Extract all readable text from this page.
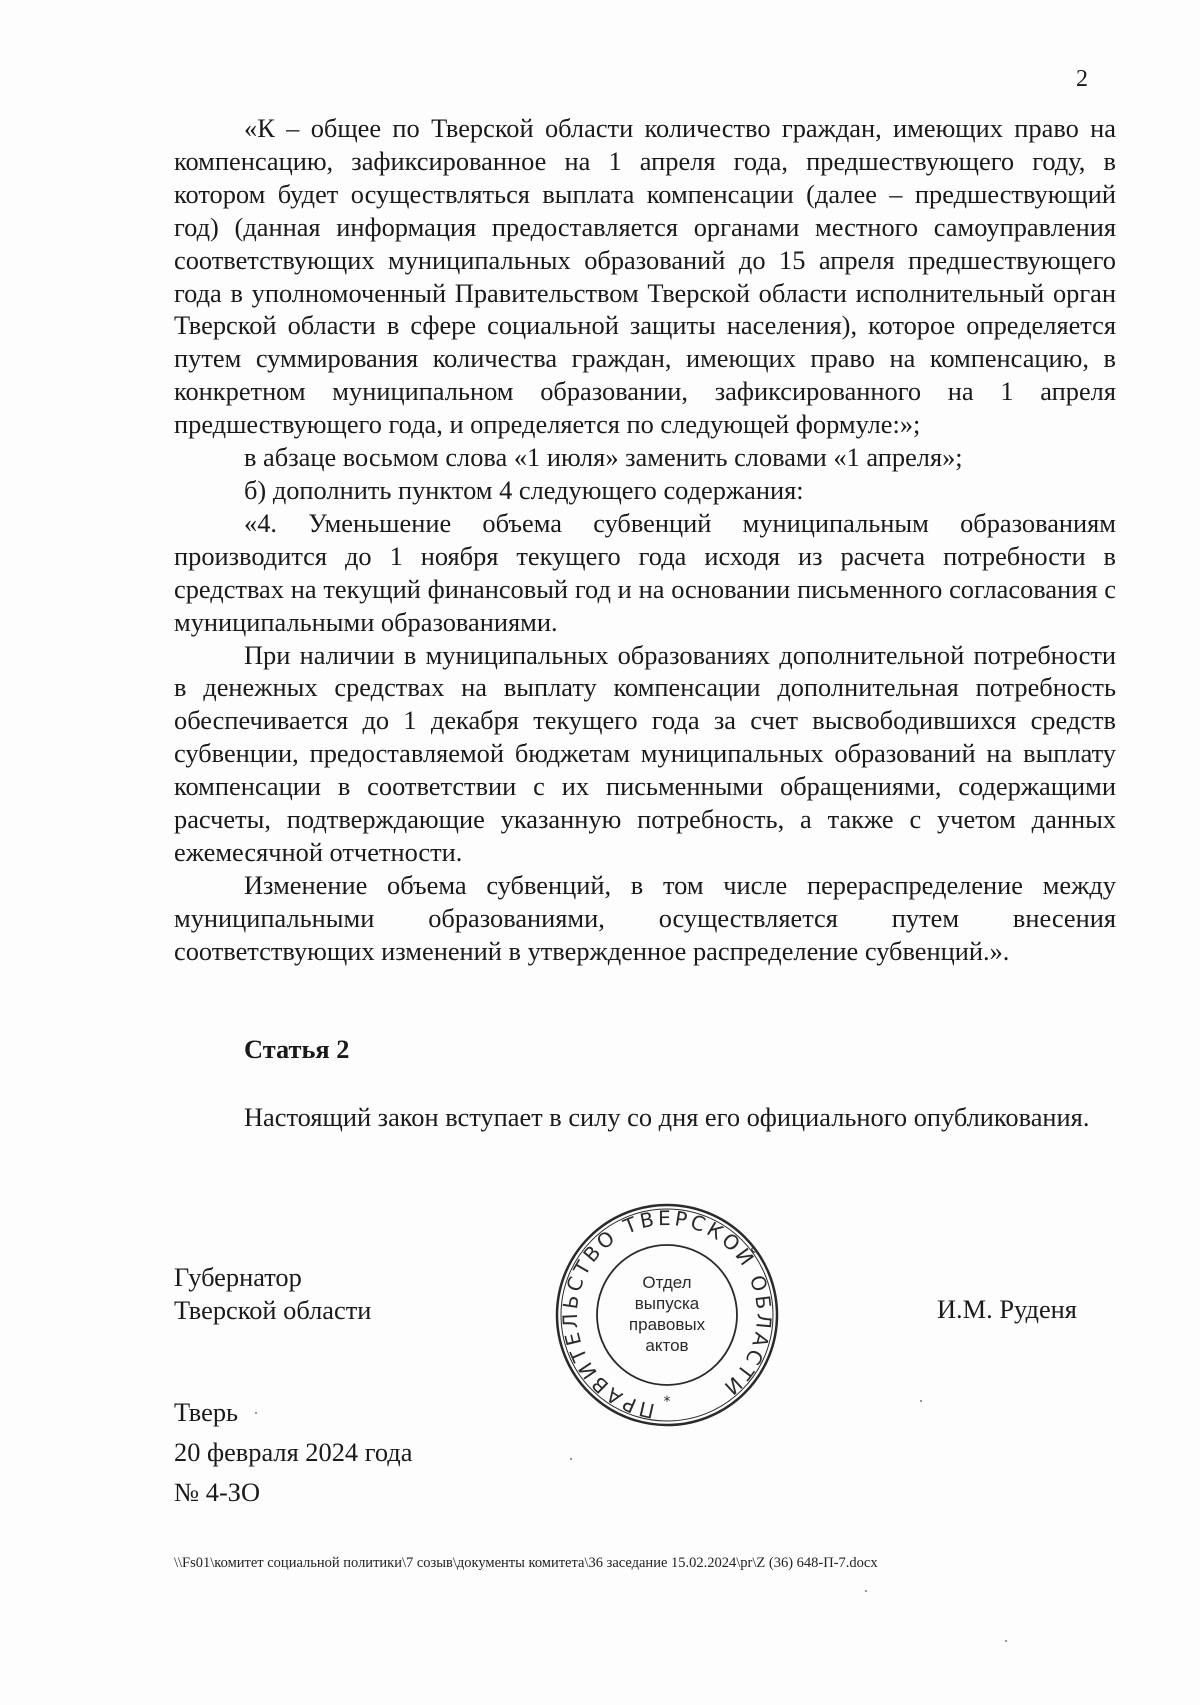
2

«К – общее по Тверской области количество граждан, имеющих право на компенсацию, зафиксированное на 1 апреля года, предшествующего году, в котором будет осуществляться выплата компенсации (далее – предшествующий год) (данная информация предоставляется органами местного самоуправления соответствующих муниципальных образований до 15 апреля предшествующего года в уполномоченный Правительством Тверской области исполнительный орган Тверской области в сфере социальной защиты населения), которое определяется путем суммирования количества граждан, имеющих право на компенсацию, в конкретном муниципальном образовании, зафиксированного на 1 апреля предшествующего года, и определяется по следующей формуле:»;

в абзаце восьмом слова «1 июля» заменить словами «1 апреля»;

б) дополнить пунктом 4 следующего содержания:

«4. Уменьшение объема субвенций муниципальным образованиям производится до 1 ноября текущего года исходя из расчета потребности в средствах на текущий финансовый год и на основании письменного согласования с муниципальными образованиями.

При наличии в муниципальных образованиях дополнительной потребности в денежных средствах на выплату компенсации дополнительная потребность обеспечивается до 1 декабря текущего года за счет высвободившихся средств субвенции, предоставляемой бюджетам муниципальных образований на выплату компенсации в соответствии с их письменными обращениями, содержащими расчеты, подтверждающие указанную потребность, а также с учетом данных ежемесячной отчетности.

Изменение объема субвенций, в том числе перераспределение между муниципальными образованиями, осуществляется путем внесения соответствующих изменений в утвержденное распределение субвенций.».

Статья 2

Настоящий закон вступает в силу со дня его официального опубликования.

Губернатор
Тверской области	И.М. Руденя
Тверь
20 февраля 2024 года
№ 4-ЗО
ПРАВИТЕЛЬСТВО ТВЕРСКОЙ ОБЛАСТИ
Отдел
выпуска
правовых
актов
*
\\Fs01\комитет социальной политики\7 созыв\документы комитета\36 заседание 15.02.2024\pr\Z (36) 648-П-7.docx
